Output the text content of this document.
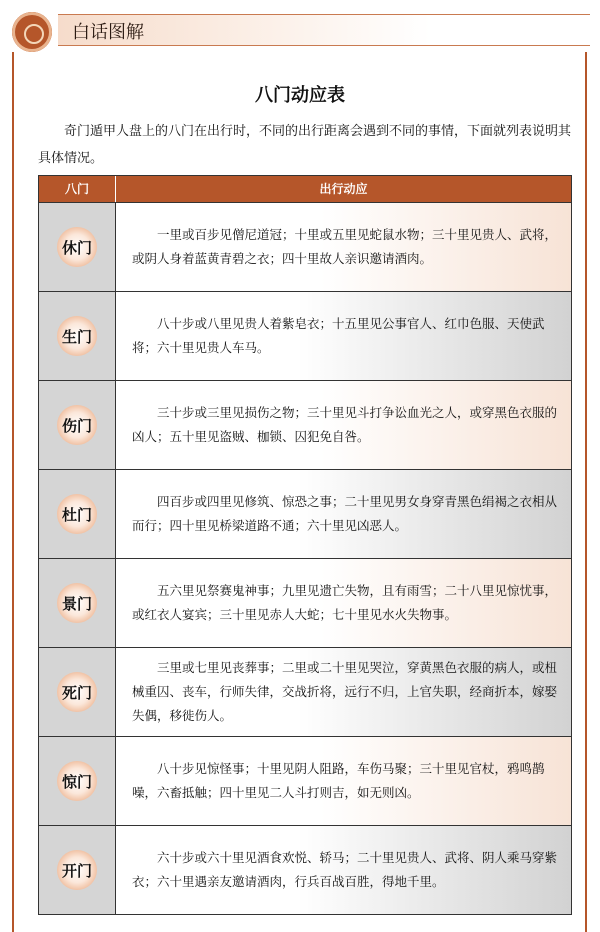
白话图解
八门动应表
奇门遁甲人盘上的八门在出行时，不同的出行距离会遇到不同的事情，下面就列表说明其具体情况。
八门	出行动应
休门
一里或百步见僧尼道冠；十里或五里见蛇鼠水物；三十里见贵人、武将，或阴人身着蓝黄青碧之衣；四十里故人亲识邀请酒肉。
生门
八十步或八里见贵人着紫皂衣；十五里见公事官人、红巾色服、天使武将；六十里见贵人车马。
伤门
三十步或三里见损伤之物；三十里见斗打争讼血光之人，或穿黑色衣服的凶人；五十里见盗贼、枷锁、囚犯免自咎。
杜门
四百步或四里见修筑、惊恐之事；二十里见男女身穿青黑色绢褐之衣相从而行；四十里见桥梁道路不通；六十里见凶恶人。
景门
五六里见祭赛鬼神事；九里见遗亡失物，且有雨雪；二十八里见惊忧事，或红衣人宴宾；三十里见赤人大蛇；七十里见水火失物事。
死门
三里或七里见丧葬事；二里或二十里见哭泣，穿黄黑色衣服的病人，或杻械重囚、丧车，行师失律，交战折将，远行不归，上官失职，经商折本，嫁娶失偶，移徙伤人。
惊门
八十步见惊怪事；十里见阴人阻路，车伤马聚；三十里见官杖，鸦鸣鹊噪，六畜抵触；四十里见二人斗打则吉，如无则凶。
开门
六十步或六十里见酒食欢悦、轿马；二十里见贵人、武将、阴人乘马穿紫衣；六十里遇亲友邀请酒肉，行兵百战百胜，得地千里。
